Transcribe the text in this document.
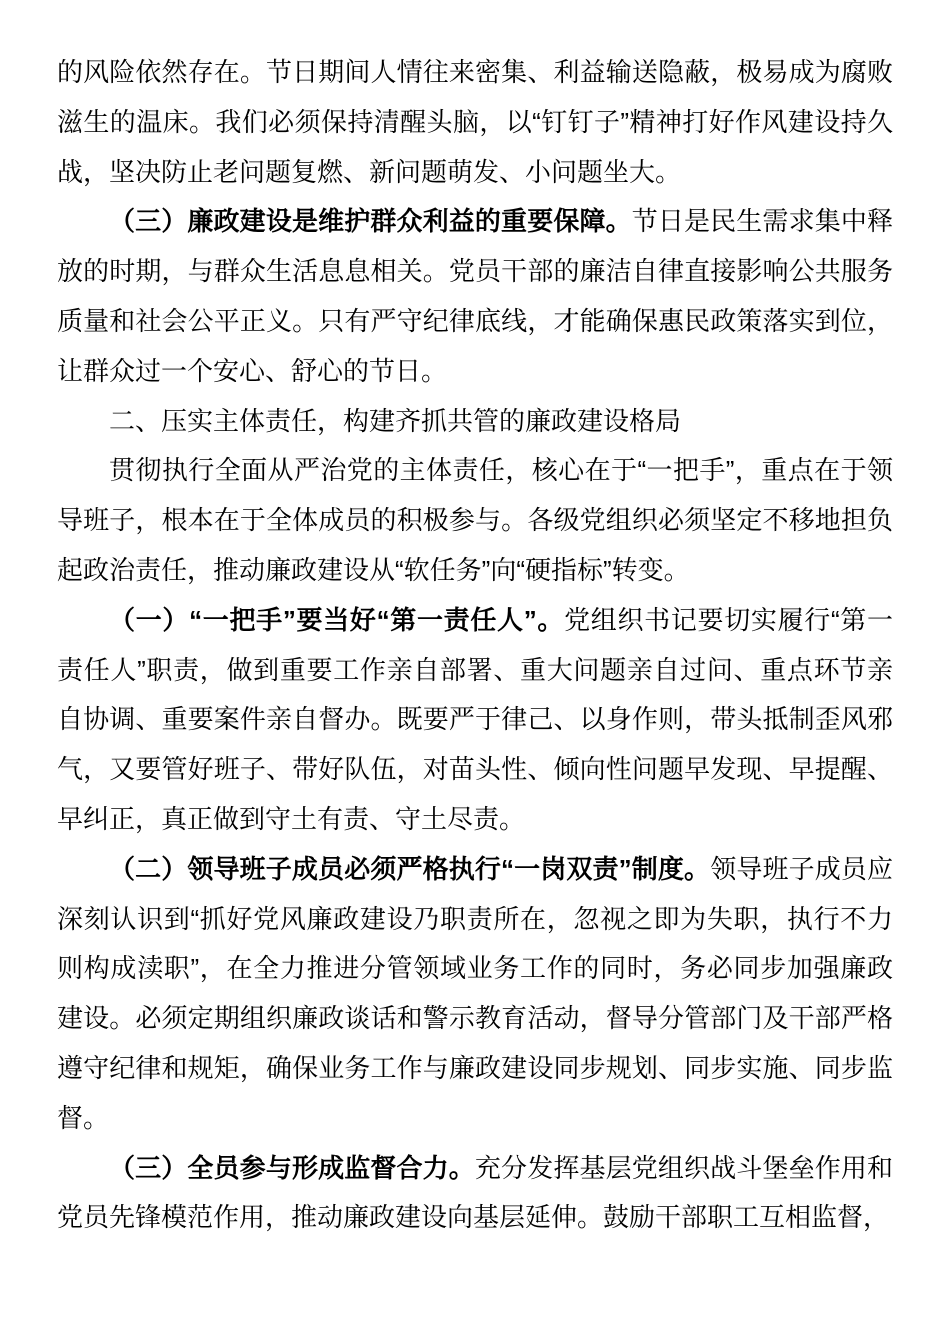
的风险依然存在。节日期间人情往来密集、利益输送隐蔽，极易成为腐败滋生的温床。我们必须保持清醒头脑，以“钉钉子”精神打好作风建设持久战，坚决防止老问题复燃、新问题萌发、小问题坐大。

（三）廉政建设是维护群众利益的重要保障。节日是民生需求集中释放的时期，与群众生活息息相关。党员干部的廉洁自律直接影响公共服务质量和社会公平正义。只有严守纪律底线，才能确保惠民政策落实到位，让群众过一个安心、舒心的节日。

二、压实主体责任，构建齐抓共管的廉政建设格局

贯彻执行全面从严治党的主体责任，核心在于“一把手”，重点在于领导班子，根本在于全体成员的积极参与。各级党组织必须坚定不移地担负起政治责任，推动廉政建设从“软任务”向“硬指标”转变。

（一）“一把手”要当好“第一责任人”。党组织书记要切实履行“第一责任人”职责，做到重要工作亲自部署、重大问题亲自过问、重点环节亲自协调、重要案件亲自督办。既要严于律己、以身作则，带头抵制歪风邪气，又要管好班子、带好队伍，对苗头性、倾向性问题早发现、早提醒、早纠正，真正做到守土有责、守土尽责。

（二）领导班子成员必须严格执行“一岗双责”制度。领导班子成员应深刻认识到“抓好党风廉政建设乃职责所在，忽视之即为失职，执行不力则构成渎职”，在全力推进分管领域业务工作的同时，务必同步加强廉政建设。必须定期组织廉政谈话和警示教育活动，督导分管部门及干部严格遵守纪律和规矩，确保业务工作与廉政建设同步规划、同步实施、同步监督。

（三）全员参与形成监督合力。充分发挥基层党组织战斗堡垒作用和党员先锋模范作用，推动廉政建设向基层延伸。鼓励干部职工互相监督，
